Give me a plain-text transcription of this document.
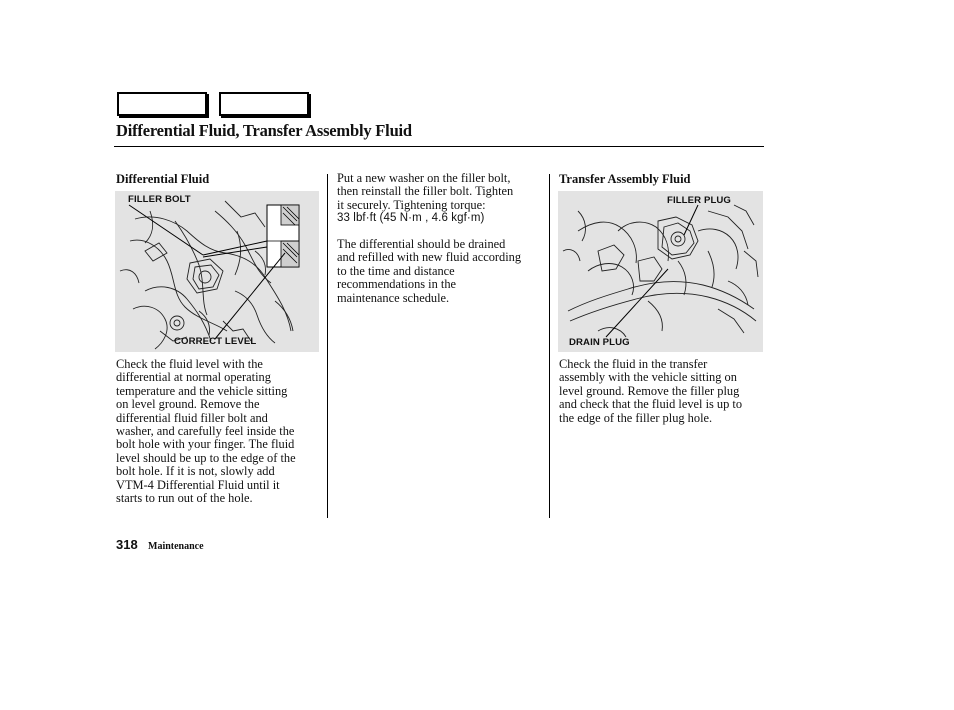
Differential Fluid, Transfer Assembly Fluid
Differential Fluid
FILLER BOLT
CORRECT LEVEL
Check the fluid level with the
differential at normal operating
temperature and the vehicle sitting
on level ground. Remove the
differential fluid filler bolt and
washer, and carefully feel inside the
bolt hole with your finger. The fluid
level should be up to the edge of the
bolt hole. If it is not, slowly add
VTM-4 Differential Fluid until it
starts to run out of the hole.
Put a new washer on the filler bolt,
then reinstall the filler bolt. Tighten
it securely. Tightening torque:
33 lbf·ft (45 N·m , 4.6 kgf·m)
The differential should be drained
and refilled with new fluid according
to the time and distance
recommendations in the
maintenance schedule.
Transfer Assembly Fluid
FILLER PLUG
DRAIN PLUG
Check the fluid in the transfer
assembly with the vehicle sitting on
level ground. Remove the filler plug
and check that the fluid level is up to
the edge of the filler plug hole.
318 Maintenance
